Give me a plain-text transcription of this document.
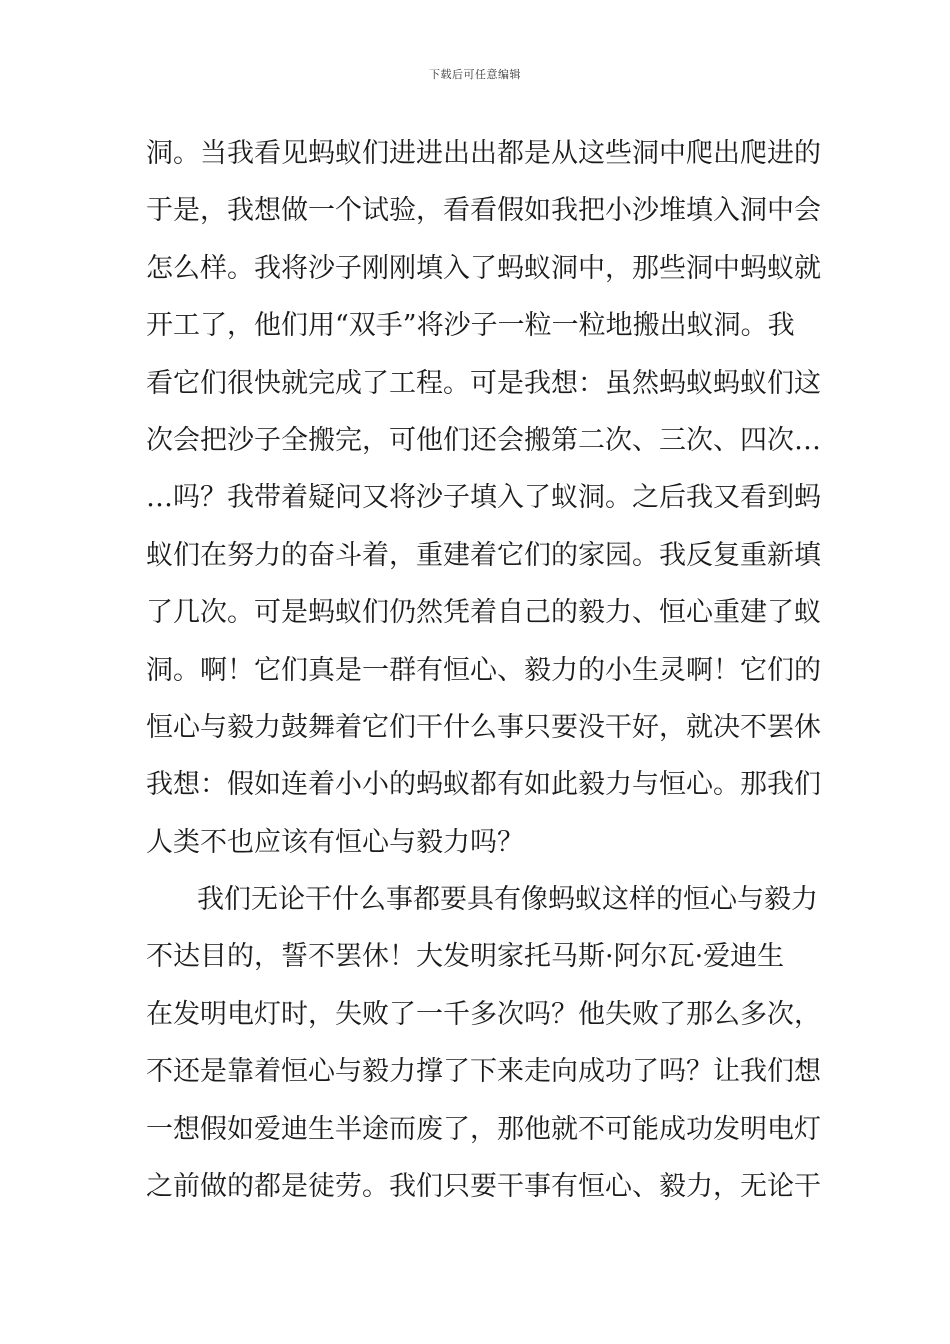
下载后可任意编辑
洞。当我看见蚂蚁们进进出出都是从这些洞中爬出爬进的
于是，我想做一个试验，看看假如我把小沙堆填入洞中会
怎么样。我将沙子刚刚填入了蚂蚁洞中，那些洞中蚂蚁就
开工了，他们用“双手”将沙子一粒一粒地搬出蚁洞。我
看它们很快就完成了工程。可是我想：虽然蚂蚁蚂蚁们这
次会把沙子全搬完，可他们还会搬第二次、三次、四次…
…吗？我带着疑问又将沙子填入了蚁洞。之后我又看到蚂
蚁们在努力的奋斗着，重建着它们的家园。我反复重新填
了几次。可是蚂蚁们仍然凭着自己的毅力、恒心重建了蚁
洞。啊！它们真是一群有恒心、毅力的小生灵啊！它们的
恒心与毅力鼓舞着它们干什么事只要没干好，就决不罢休
我想：假如连着小小的蚂蚁都有如此毅力与恒心。那我们
人类不也应该有恒心与毅力吗？
我们无论干什么事都要具有像蚂蚁这样的恒心与毅力
不达目的，誓不罢休！大发明家托马斯·阿尔瓦·爱迪生
在发明电灯时，失败了一千多次吗？他失败了那么多次，
不还是靠着恒心与毅力撑了下来走向成功了吗？让我们想
一想假如爱迪生半途而废了，那他就不可能成功发明电灯
之前做的都是徒劳。我们只要干事有恒心、毅力，无论干
